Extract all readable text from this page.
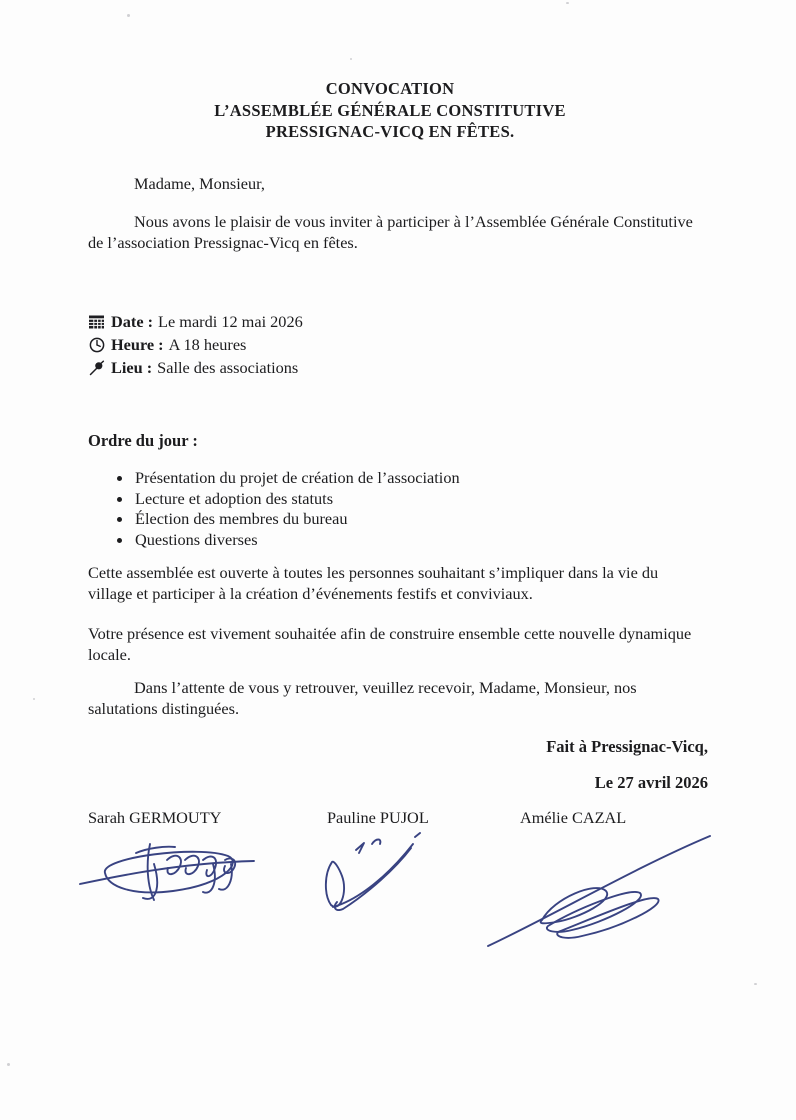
CONVOCATION
L’ASSEMBLÉE GÉNÉRALE CONSTITUTIVE
PRESSIGNAC-VICQ EN FÊTES.
Madame, Monsieur,
Nous avons le plaisir de vous inviter à participer à l’Assemblée Générale Constitutive
de l’association Pressignac-Vicq en fêtes.
Date : Le mardi 12 mai 2026
Heure : A 18 heures
Lieu : Salle des associations
Ordre du jour :
Présentation du projet de création de l’association
Lecture et adoption des statuts
Élection des membres du bureau
Questions diverses
Cette assemblée est ouverte à toutes les personnes souhaitant s’impliquer dans la vie du
village et participer à la création d’événements festifs et conviviaux.
Votre présence est vivement souhaitée afin de construire ensemble cette nouvelle dynamique
locale.
Dans l’attente de vous y retrouver, veuillez recevoir, Madame, Monsieur, nos
salutations distinguées.
Fait à Pressignac-Vicq,
Le 27 avril 2026
Sarah GERMOUTY	Pauline PUJOL	Amélie CAZAL
